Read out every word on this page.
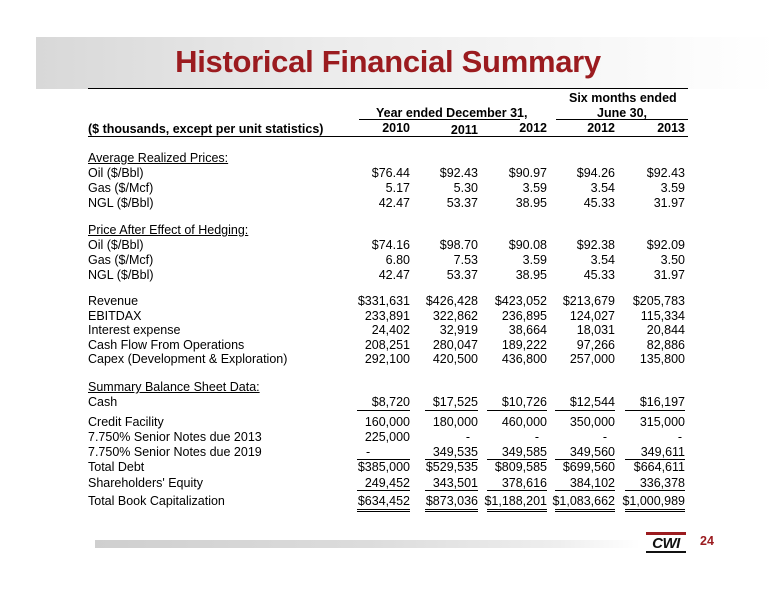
Historical Financial Summary
Six months ended
Year ended December 31,	June 30,
($ thousands, except per unit statistics)	2010	2011	2012	2012	2013
Average Realized Prices:
Oil ($/Bbl)	$76.44	$92.43	$90.97	$94.26	$92.43
Gas ($/Mcf)	5.17	5.30	3.59	3.54	3.59
NGL ($/Bbl)	42.47	53.37	38.95	45.33	31.97
Price After Effect of Hedging:
Oil ($/Bbl)	$74.16	$98.70	$90.08	$92.38	$92.09
Gas ($/Mcf)	6.80	7.53	3.59	3.54	3.50
NGL ($/Bbl)	42.47	53.37	38.95	45.33	31.97
Revenue	$331,631	$426,428	$423,052	$213,679	$205,783
EBITDAX	233,891	322,862	236,895	124,027	115,334
Interest expense	24,402	32,919	38,664	18,031	20,844
Cash Flow From Operations	208,251	280,047	189,222	97,266	82,886
Capex (Development & Exploration)	292,100	420,500	436,800	257,000	135,800
Summary Balance Sheet Data:
Cash	$8,720	$17,525	$10,726	$12,544	$16,197
Credit Facility	160,000	180,000	460,000	350,000	315,000
7.750% Senior Notes due 2013	225,000	-	-	-	-
7.750% Senior Notes due 2019	-	349,535	349,585	349,560	349,611
Total Debt	$385,000	$529,535	$809,585	$699,560	$664,611
Shareholders' Equity	249,452	343,501	378,616	384,102	336,378
Total Book Capitalization	$634,452	$873,036 $1,188,201 $1,083,662 $1,000,989
CWI	24
